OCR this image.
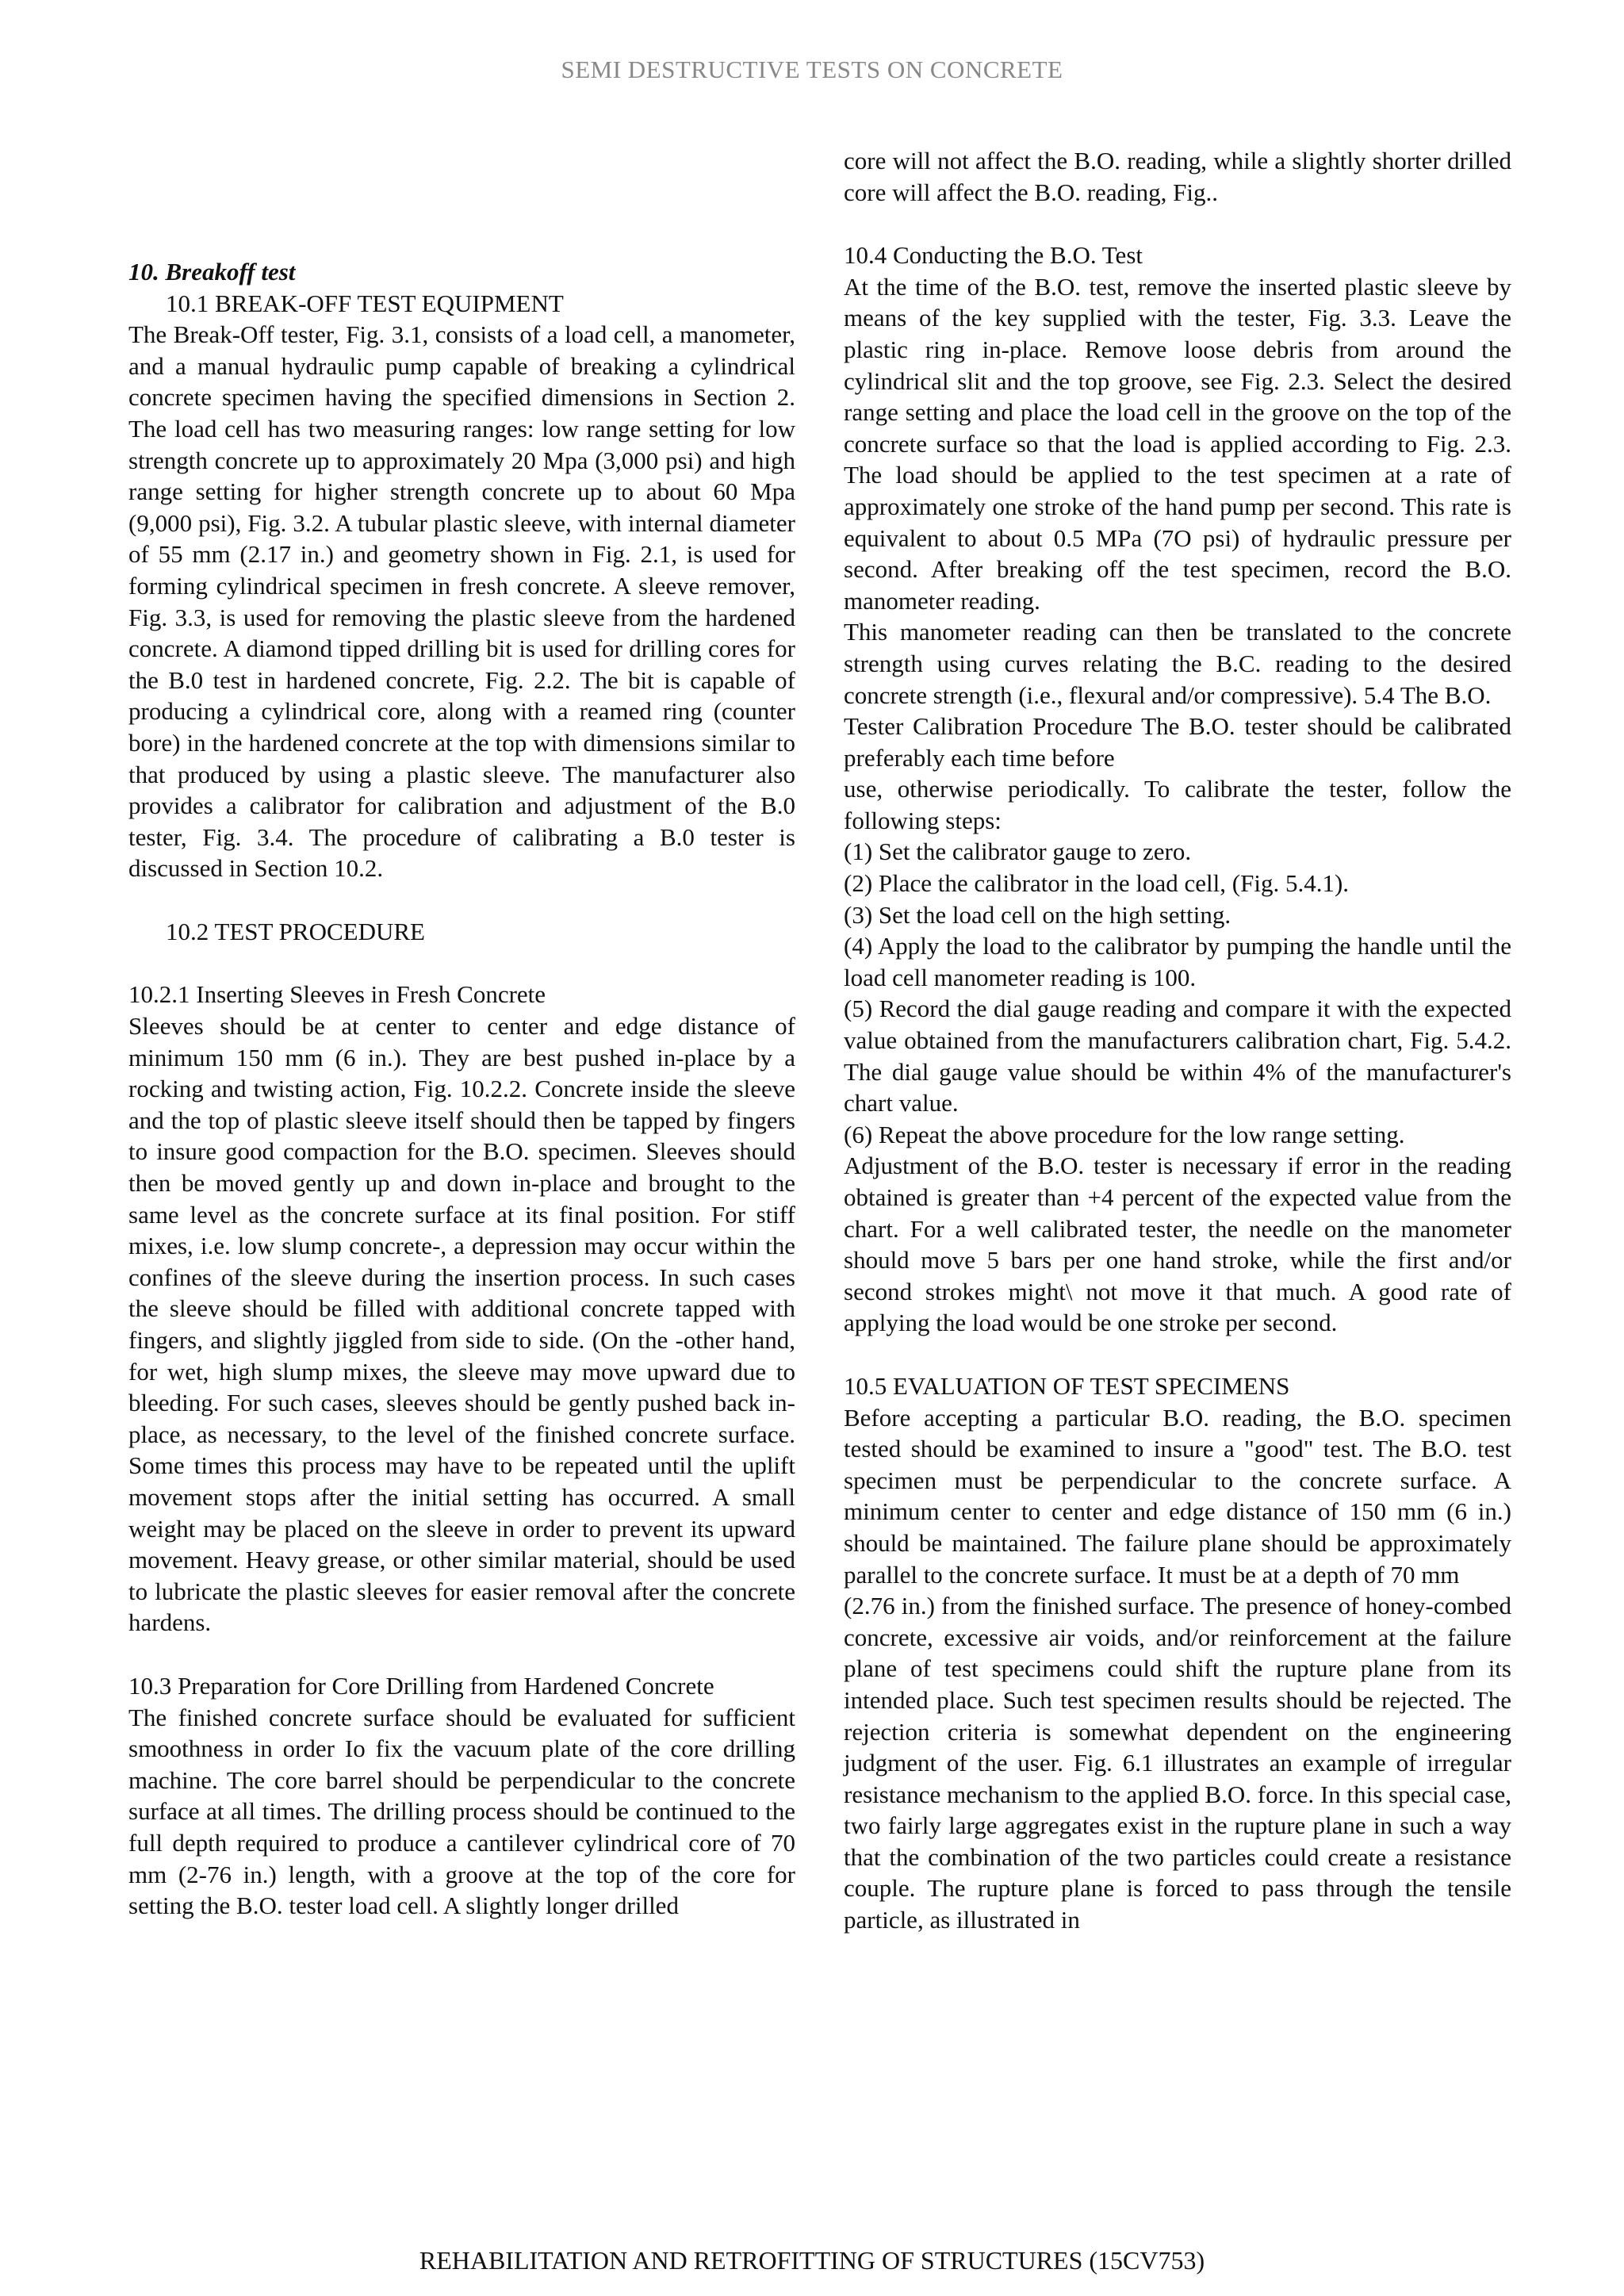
SEMI DESTRUCTIVE TESTS ON CONCRETE

10. Breakoff test

10.1 BREAK-OFF TEST EQUIPMENT

The Break-Off tester, Fig. 3.1, consists of a load cell, a manometer, and a manual hydraulic pump capable of breaking a cylindrical concrete specimen having the specified dimensions in Section 2. The load cell has two measuring ranges: low range setting for low strength concrete up to approximately 20 Mpa (3,000 psi) and high range setting for higher strength concrete up to about 60 Mpa (9,000 psi), Fig. 3.2. A tubular plastic sleeve, with internal diameter of 55 mm (2.17 in.) and geometry shown in Fig. 2.1, is used for forming cylindrical specimen in fresh concrete. A sleeve remover, Fig. 3.3, is used for removing the plastic sleeve from the hardened concrete. A diamond tipped drilling bit is used for drilling cores for the B.0 test in hardened concrete, Fig. 2.2. The bit is capable of producing a cylindrical core, along with a reamed ring (counter bore) in the hardened concrete at the top with dimensions similar to that produced by using a plastic sleeve. The manufacturer also provides a calibrator for calibration and adjustment of the B.0 tester, Fig. 3.4. The procedure of calibrating a B.0 tester is discussed in Section 10.2.

10.2 TEST PROCEDURE

10.2.1 Inserting Sleeves in Fresh Concrete

Sleeves should be at center to center and edge distance of minimum 150 mm (6 in.). They are best pushed in-place by a rocking and twisting action, Fig. 10.2.2. Concrete inside the sleeve and the top of plastic sleeve itself should then be tapped by fingers to insure good compaction for the B.O. specimen. Sleeves should then be moved gently up and down in-place and brought to the same level as the concrete surface at its final position. For stiff mixes, i.e. low slump concrete-, a depression may occur within the confines of the sleeve during the insertion process. In such cases the sleeve should be filled with additional concrete tapped with fingers, and slightly jiggled from side to side. (On the -other hand, for wet, high slump mixes, the sleeve may move upward due to bleeding. For such cases, sleeves should be gently pushed back in-place, as necessary, to the level of the finished concrete surface. Some times this process may have to be repeated until the uplift movement stops after the initial setting has occurred. A small weight may be placed on the sleeve in order to prevent its upward movement. Heavy grease, or other similar material, should be used to lubricate the plastic sleeves for easier removal after the concrete hardens.

10.3 Preparation for Core Drilling from Hardened Concrete

The finished concrete surface should be evaluated for sufficient smoothness in order Io fix the vacuum plate of the core drilling machine. The core barrel should be perpendicular to the concrete surface at all times. The drilling process should be continued to the full depth required to produce a cantilever cylindrical core of 70 mm (2-76 in.) length, with a groove at the top of the core for setting the B.O. tester load cell. A slightly longer drilled

core will not affect the B.O. reading, while a slightly shorter drilled core will affect the B.O. reading, Fig..

10.4 Conducting the B.O. Test

At the time of the B.O. test, remove the inserted plastic sleeve by means of the key supplied with the tester, Fig. 3.3. Leave the plastic ring in-place. Remove loose debris from around the cylindrical slit and the top groove, see Fig. 2.3. Select the desired range setting and place the load cell in the groove on the top of the concrete surface so that the load is applied according to Fig. 2.3. The load should be applied to the test specimen at a rate of approximately one stroke of the hand pump per second. This rate is equivalent to about 0.5 MPa (7O psi) of hydraulic pressure per second. After breaking off the test specimen, record the B.O. manometer reading.

This manometer reading can then be translated to the concrete strength using curves relating the B.C. reading to the desired concrete strength (i.e., flexural and/or compressive). 5.4 The B.O.

Tester Calibration Procedure The B.O. tester should be calibrated preferably each time before

use, otherwise periodically. To calibrate the tester, follow the following steps:

(1) Set the calibrator gauge to zero.

(2) Place the calibrator in the load cell, (Fig. 5.4.1).

(3) Set the load cell on the high setting.

(4) Apply the load to the calibrator by pumping the handle until the load cell manometer reading is 100.

(5) Record the dial gauge reading and compare it with the expected value obtained from the manufacturers calibration chart, Fig. 5.4.2. The dial gauge value should be within 4% of the manufacturer's chart value.

(6) Repeat the above procedure for the low range setting.

Adjustment of the B.O. tester is necessary if error in the reading obtained is greater than +4 percent of the expected value from the chart. For a well calibrated tester, the needle on the manometer should move 5 bars per one hand stroke, while the first and/or second strokes might\ not move it that much. A good rate of applying the load would be one stroke per second.

10.5 EVALUATION OF TEST SPECIMENS

Before accepting a particular B.O. reading, the B.O. specimen tested should be examined to insure a "good" test. The B.O. test specimen must be perpendicular to the concrete surface. A minimum center to center and edge distance of 150 mm (6 in.) should be maintained. The failure plane should be approximately parallel to the concrete surface. It must be at a depth of 70 mm

(2.76 in.) from the finished surface. The presence of honey-combed concrete, excessive air voids, and/or reinforcement at the failure plane of test specimens could shift the rupture plane from its intended place. Such test specimen results should be rejected. The rejection criteria is somewhat dependent on the engineering judgment of the user. Fig. 6.1 illustrates an example of irregular resistance mechanism to the applied B.O. force. In this special case, two fairly large aggregates exist in the rupture plane in such a way that the combination of the two particles could create a resistance couple. The rupture plane is forced to pass through the tensile particle, as illustrated in

REHABILITATION AND RETROFITTING OF STRUCTURES (15CV753)
